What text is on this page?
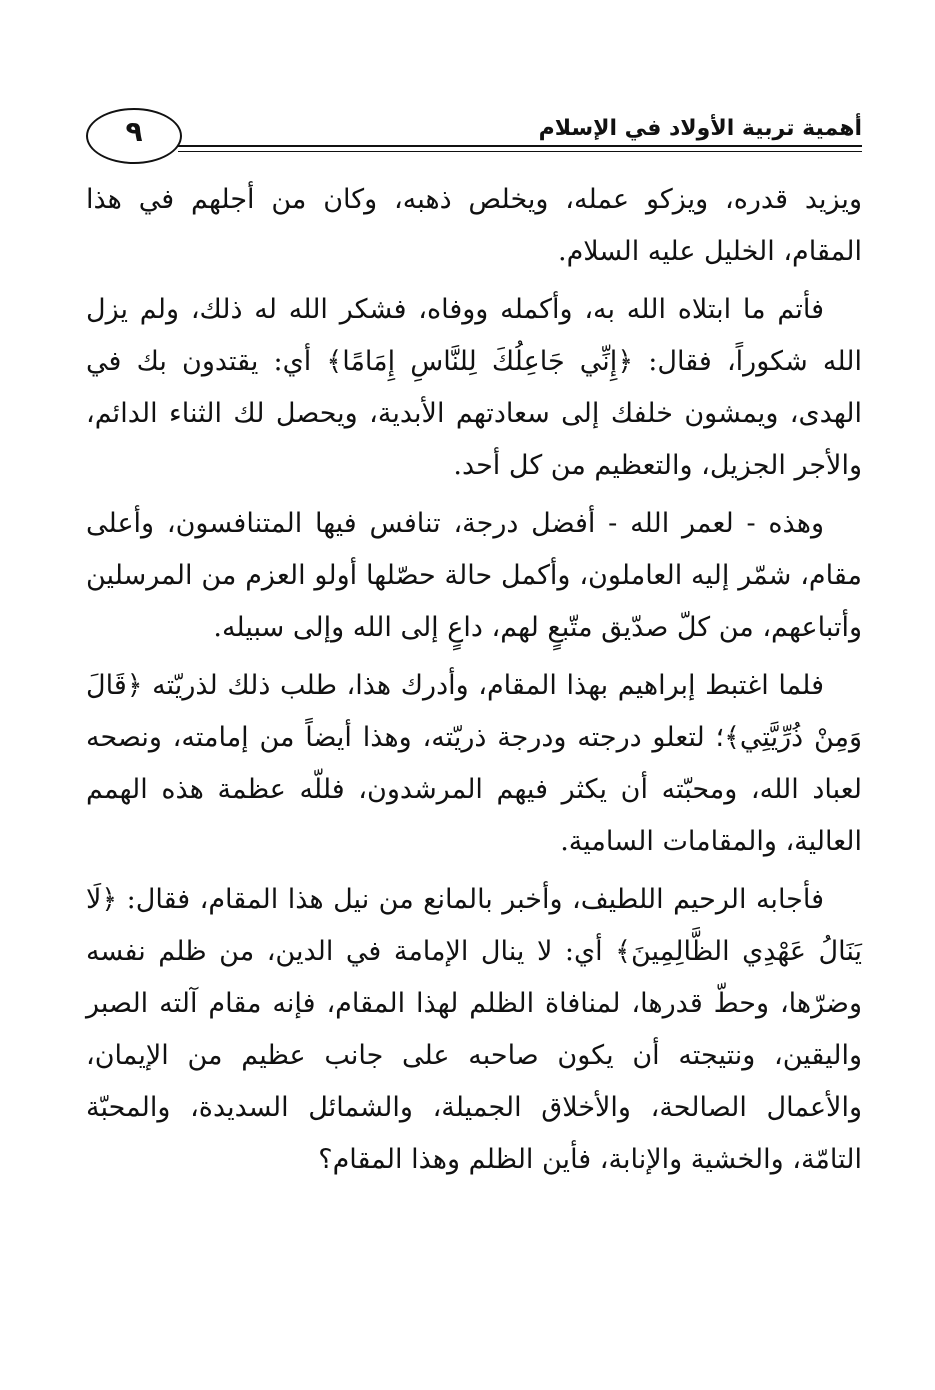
أهمية تربية الأولاد في الإسلام
٩

ويزيد قدره، ويزكو عمله، ويخلص ذهبه، وكان من أجلهم في هذا المقام، الخليل عليه السلام.

فأتم ما ابتلاه الله به، وأكمله ووفاه، فشكر الله له ذلك، ولم يزل الله شكوراً، فقال: ﴿إِنِّي جَاعِلُكَ لِلنَّاسِ إِمَامًا﴾ أي: يقتدون بك في الهدى، ويمشون خلفك إلى سعادتهم الأبدية، ويحصل لك الثناء الدائم، والأجر الجزيل، والتعظيم من كل أحد.

وهذه - لعمر الله - أفضل درجة، تنافس فيها المتنافسون، وأعلى مقام، شمّر إليه العاملون، وأكمل حالة حصّلها أولو العزم من المرسلين وأتباعهم، من كلّ صدّيق متّبعٍ لهم، داعٍ إلى الله وإلى سبيله.

فلما اغتبط إبراهيم بهذا المقام، وأدرك هذا، طلب ذلك لذريّته ﴿قَالَ وَمِنْ ذُرِّيَّتِي﴾؛ لتعلو درجته ودرجة ذريّته، وهذا أيضاً من إمامته، ونصحه لعباد الله، ومحبّته أن يكثر فيهم المرشدون، فللّه عظمة هذه الهمم العالية، والمقامات السامية.

فأجابه الرحيم اللطيف، وأخبر بالمانع من نيل هذا المقام، فقال: ﴿لَا يَنَالُ عَهْدِي الظَّالِمِينَ﴾ أي: لا ينال الإمامة في الدين، من ظلم نفسه وضرّها، وحطّ قدرها، لمنافاة الظلم لهذا المقام، فإنه مقام آلته الصبر واليقين، ونتيجته أن يكون صاحبه على جانب عظيم من الإيمان، والأعمال الصالحة، والأخلاق الجميلة، والشمائل السديدة، والمحبّة التامّة، والخشية والإنابة، فأين الظلم وهذا المقام؟
